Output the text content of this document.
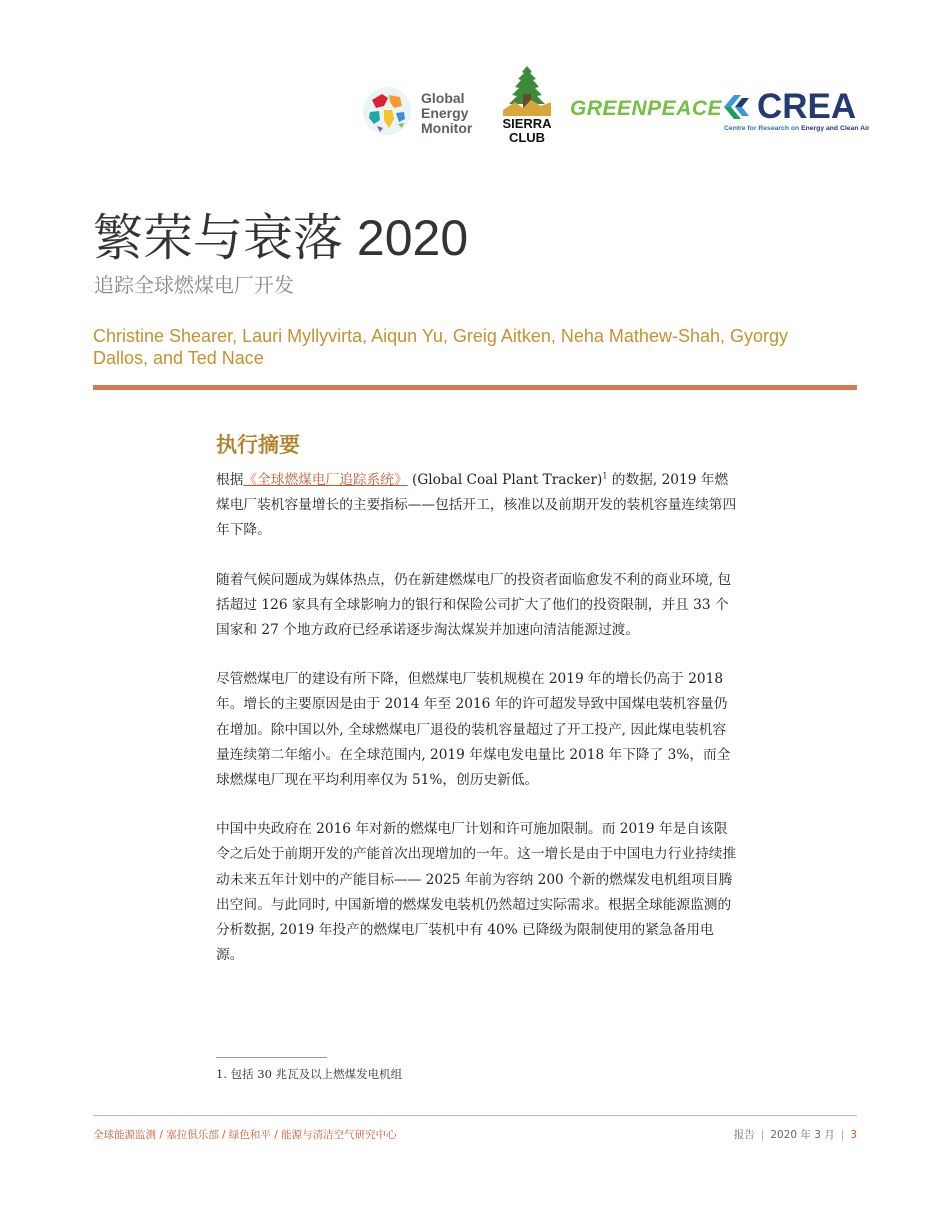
Global
Energy
Monitor	SIERRA
CLUB
GREENPEACE CREA
Centre for Research on Energy and Clean Air
繁荣与衰落 2020
追踪全球燃煤电厂开发
Christine Shearer, Lauri Myllyvirta, Aiqun Yu, Greig Aitken, Neha Mathew-Shah, Gyorgy Dallos, and Ted Nace
执行摘要

根据《全球燃煤电厂追踪系统》 (Global Coal Plant Tracker)$^1$ 的数据, 2019 年燃煤电厂装机容量增长的主要指标——包括开工，核准以及前期开发的装机容量连续第四年下降。

随着气候问题成为媒体热点，仍在新建燃煤电厂的投资者面临愈发不利的商业环境, 包括超过 126 家具有全球影响力的银行和保险公司扩大了他们的投资限制，并且 33 个国家和 27 个地方政府已经承诺逐步淘汰煤炭并加速向清洁能源过渡。

尽管燃煤电厂的建设有所下降，但燃煤电厂装机规模在 2019 年的增长仍高于 2018 年。增长的主要原因是由于 2014 年至 2016 年的许可超发导致中国煤电装机容量仍在增加。除中国以外, 全球燃煤电厂退役的装机容量超过了开工投产, 因此煤电装机容量连续第二年缩小。在全球范围内, 2019 年煤电发电量比 2018 年下降了 3%，而全球燃煤电厂现在平均利用率仅为 51%，创历史新低。

中国中央政府在 2016 年对新的燃煤电厂计划和许可施加限制。而 2019 年是自该限令之后处于前期开发的产能首次出现增加的一年。这一增长是由于中国电力行业持续推动未来五年计划中的产能目标—— 2025 年前为容纳 200 个新的燃煤发电机组项目腾出空间。与此同时, 中国新增的燃煤发电装机仍然超过实际需求。根据全球能源监测的分析数据, 2019 年投产的燃煤电厂装机中有 40% 已降级为限制使用的紧急备用电源。

1. 包括 30 兆瓦及以上燃煤发电机组
全球能源监测 / 塞拉俱乐部 / 绿色和平 / 能源与清洁空气研究中心	报告 | 2020 年 3 月 | 3
